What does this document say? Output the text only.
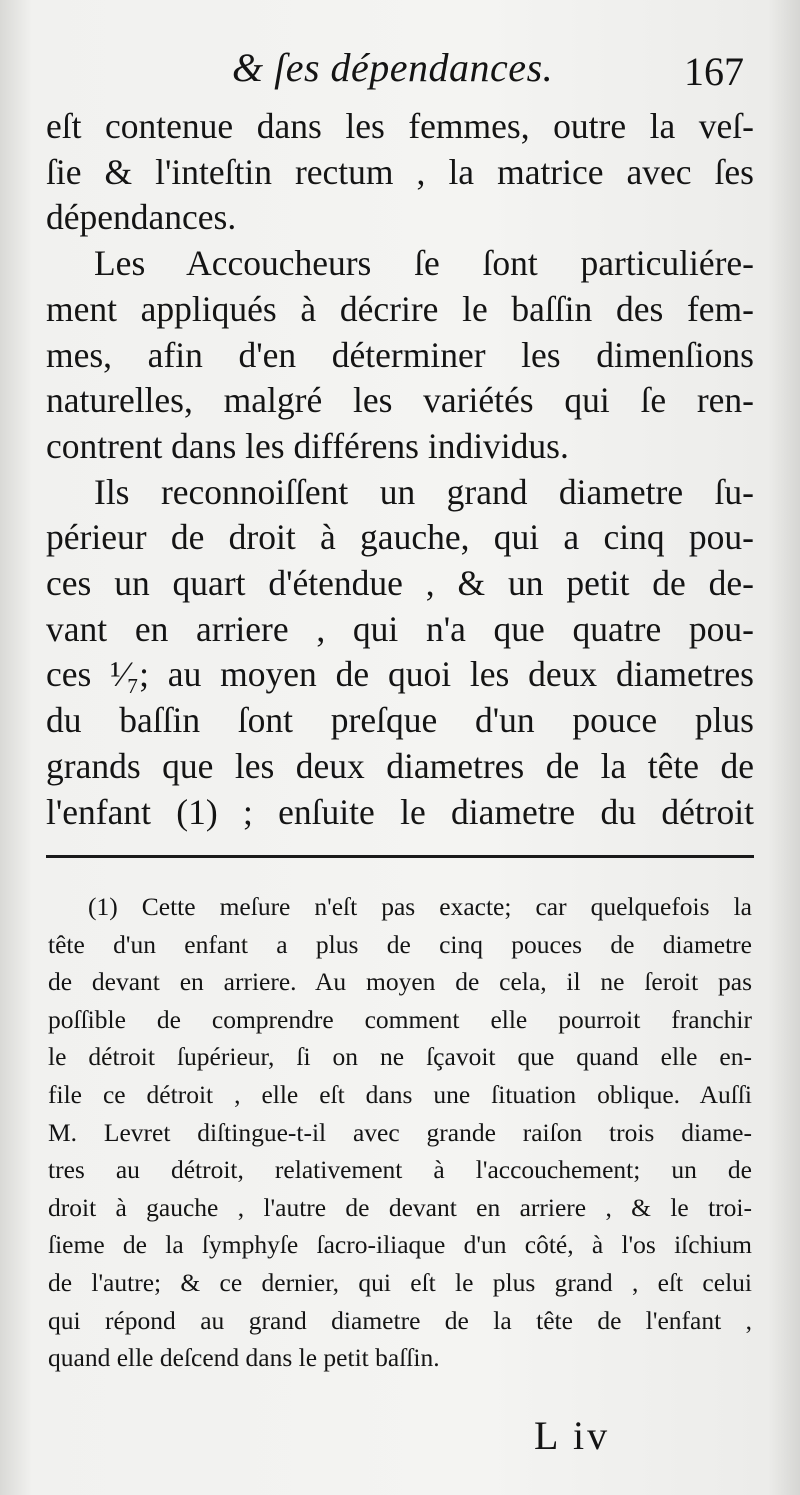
& ſes dépendances.	167
eſt contenue dans les femmes, outre la veſ-
ſie & l'inteſtin rectum , la matrice avec ſes
dépendances.
Les Accoucheurs ſe ſont particuliére-
ment appliqués à décrire le baſſin des fem-
mes, afin d'en déterminer les dimenſions
naturelles, malgré les variétés qui ſe ren-
contrent dans les différens individus.
Ils reconnoiſſent un grand diametre ſu-
périeur de droit à gauche, qui a cinq pou-
ces un quart d'étendue , & un petit de de-
vant en arriere , qui n'a que quatre pou-
ces ¹⁄₇; au moyen de quoi les deux diametres
du baſſin ſont preſque d'un pouce plus
grands que les deux diametres de la tête de
l'enfant (1) ; enſuite le diametre du détroit
(1) Cette meſure n'eſt pas exacte; car quelquefois la
tête d'un enfant a plus de cinq pouces de diametre
de devant en arriere. Au moyen de cela, il ne ſeroit pas
poſſible de comprendre comment elle pourroit franchir
le détroit ſupérieur, ſi on ne ſçavoit que quand elle en-
file ce détroit , elle eſt dans une ſituation oblique. Auſſi
M. Levret diſtingue-t-il avec grande raiſon trois diame-
tres au détroit, relativement à l'accouchement; un de
droit à gauche , l'autre de devant en arriere , & le troi-
ſieme de la ſymphyſe ſacro-iliaque d'un côté, à l'os iſchium
de l'autre; & ce dernier, qui eſt le plus grand , eſt celui
qui répond au grand diametre de la tête de l'enfant ,
quand elle deſcend dans le petit baſſin.
L iv
